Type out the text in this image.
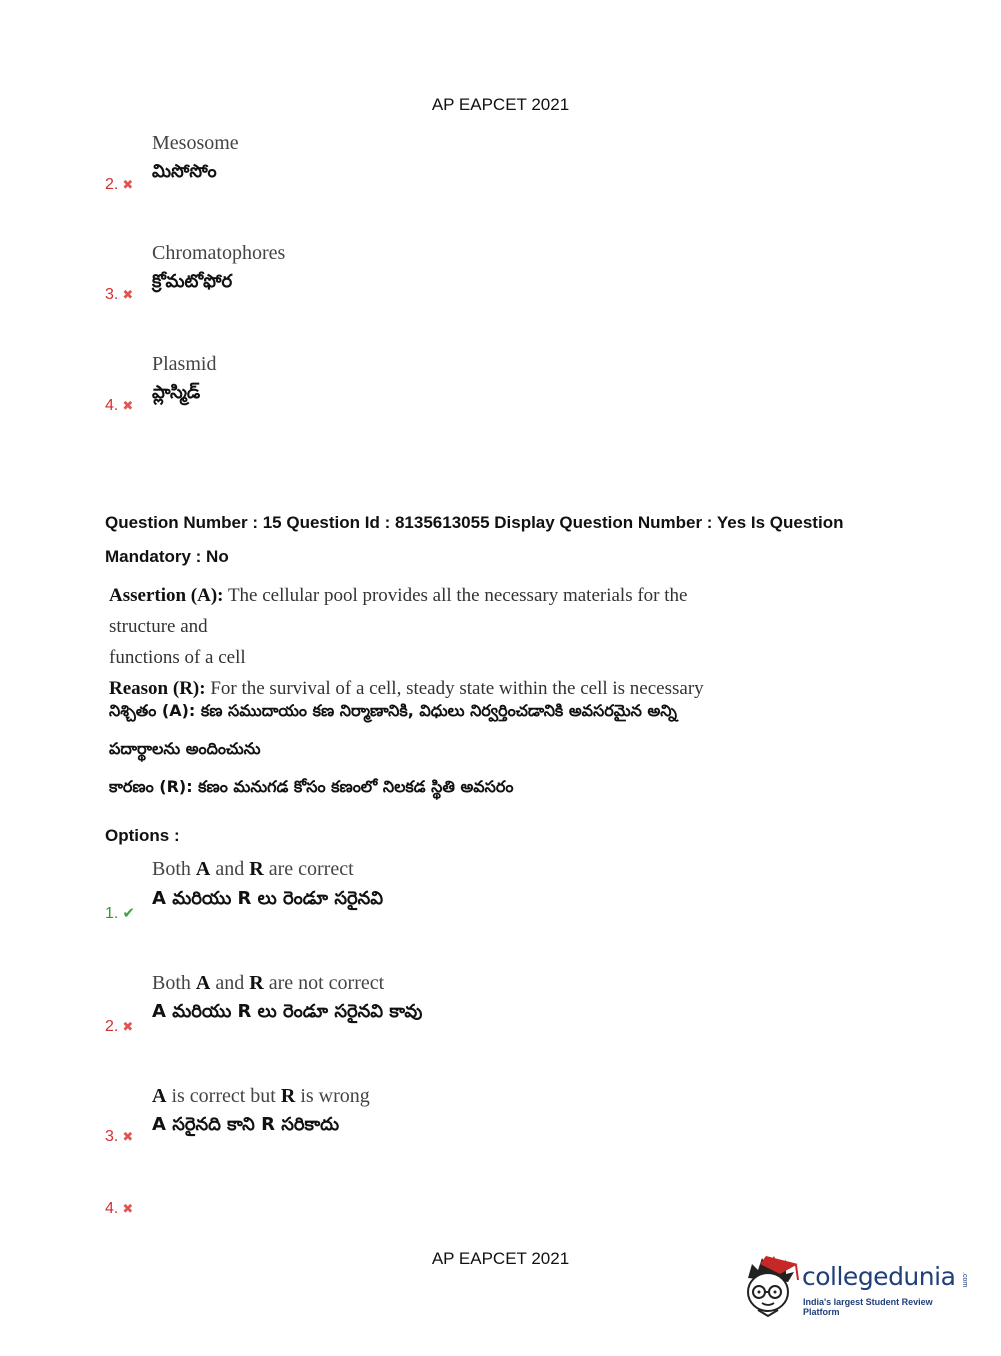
AP EAPCET 2021
2. ✖
Mesosome
మిసోసోం
3. ✖
Chromatophores
క్రోమటోఫోర
4. ✖
Plasmid
ప్లాస్మిడ్
Question Number : 15 Question Id : 8135613055 Display Question Number : Yes Is Question
Mandatory : No
Assertion (A): The cellular pool provides all the necessary materials for the structure and
functions of a cell
Reason (R): For the survival of a cell, steady state within the cell is necessary
నిశ్చితం (A): కణ సముదాయం కణ నిర్మాణానికి, విధులు నిర్వర్తించడానికి అవసరమైన అన్ని
పదార్థాలను అందించును
కారణం (R): కణం మనుగడ కోసం కణంలో నిలకడ స్థితి అవసరం
Options :
1. ✔
Both A and R are correct
A మరియు R లు రెండూ సరైనవి
2. ✖
Both A and R are not correct
A మరియు R లు రెండూ సరైనవి కావు
3. ✖
A is correct but R is wrong
A సరైనది కాని R సరికాదు
4. ✖
AP EAPCET 2021
collegedunia .com
India's largest Student Review Platform
